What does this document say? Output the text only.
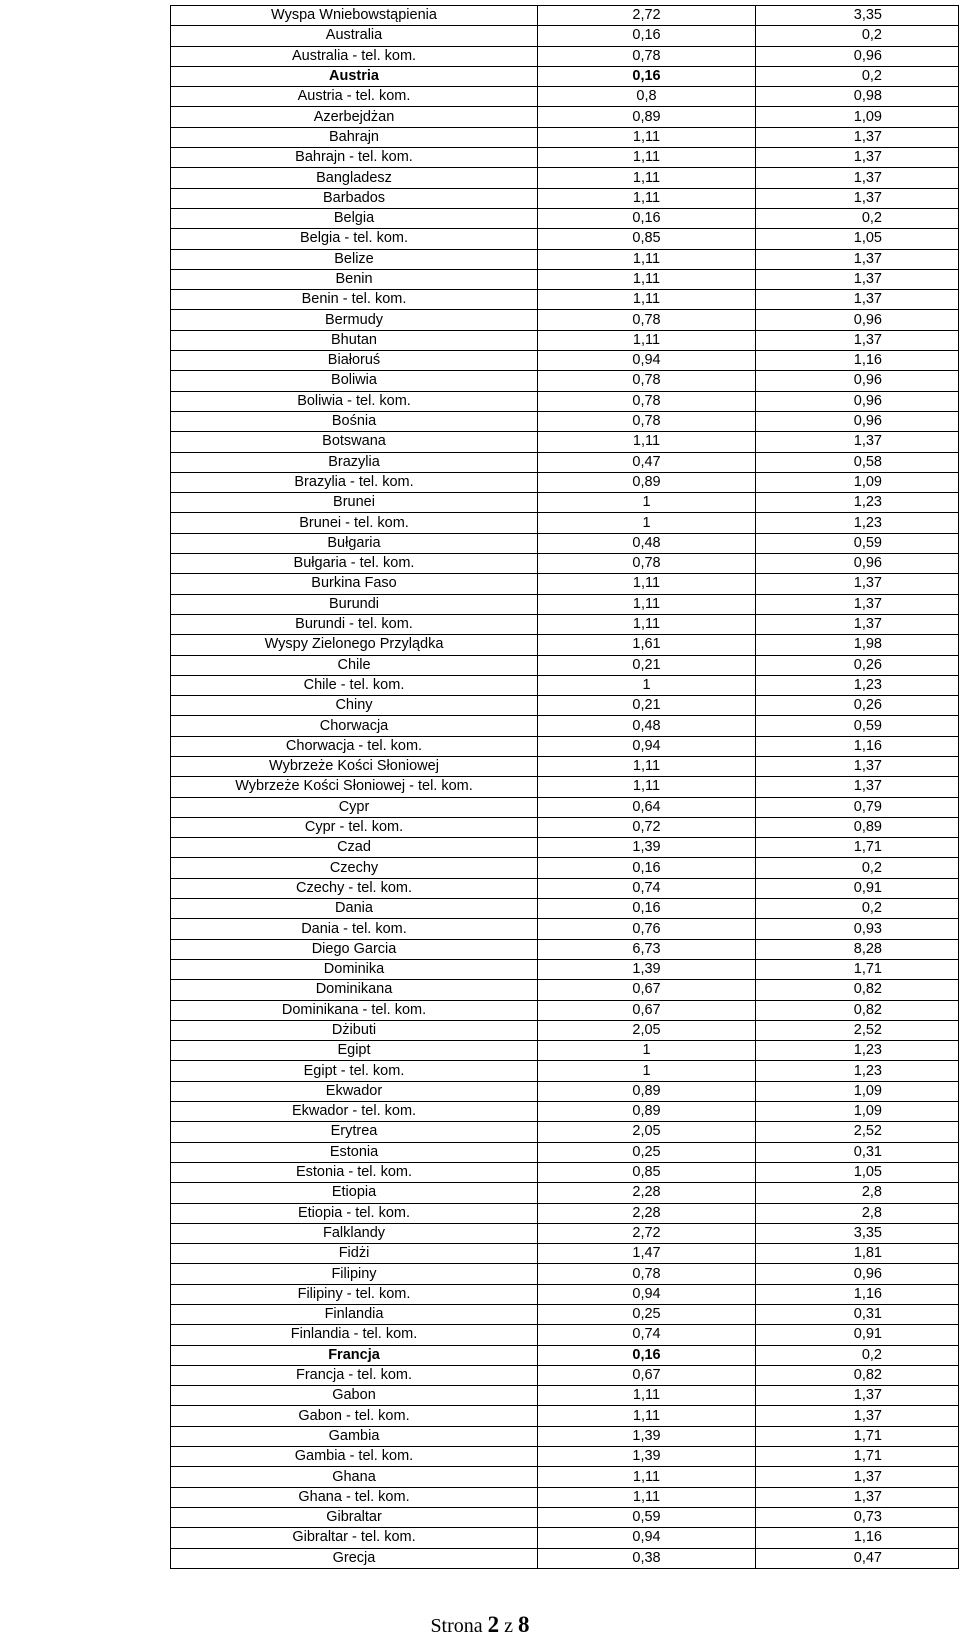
Wyspa Wniebowstąpienia	2,72	3,35
Australia	0,16	0,2
Australia - tel. kom.	0,78	0,96
Austria	0,16	0,2
Austria - tel. kom.	0,8	0,98
Azerbejdżan	0,89	1,09
Bahrajn	1,11	1,37
Bahrajn - tel. kom.	1,11	1,37
Bangladesz	1,11	1,37
Barbados	1,11	1,37
Belgia	0,16	0,2
Belgia - tel. kom.	0,85	1,05
Belize	1,11	1,37
Benin	1,11	1,37
Benin - tel. kom.	1,11	1,37
Bermudy	0,78	0,96
Bhutan	1,11	1,37
Białoruś	0,94	1,16
Boliwia	0,78	0,96
Boliwia - tel. kom.	0,78	0,96
Bośnia	0,78	0,96
Botswana	1,11	1,37
Brazylia	0,47	0,58
Brazylia - tel. kom.	0,89	1,09
Brunei	1	1,23
Brunei - tel. kom.	1	1,23
Bułgaria	0,48	0,59
Bułgaria - tel. kom.	0,78	0,96
Burkina Faso	1,11	1,37
Burundi	1,11	1,37
Burundi - tel. kom.	1,11	1,37
Wyspy Zielonego Przylądka	1,61	1,98
Chile	0,21	0,26
Chile - tel. kom.	1	1,23
Chiny	0,21	0,26
Chorwacja	0,48	0,59
Chorwacja - tel. kom.	0,94	1,16
Wybrzeże Kości Słoniowej	1,11	1,37
Wybrzeże Kości Słoniowej - tel. kom.	1,11	1,37
Cypr	0,64	0,79
Cypr - tel. kom.	0,72	0,89
Czad	1,39	1,71
Czechy	0,16	0,2
Czechy - tel. kom.	0,74	0,91
Dania	0,16	0,2
Dania - tel. kom.	0,76	0,93
Diego Garcia	6,73	8,28
Dominika	1,39	1,71
Dominikana	0,67	0,82
Dominikana - tel. kom.	0,67	0,82
Dżibuti	2,05	2,52
Egipt	1	1,23
Egipt - tel. kom.	1	1,23
Ekwador	0,89	1,09
Ekwador - tel. kom.	0,89	1,09
Erytrea	2,05	2,52
Estonia	0,25	0,31
Estonia - tel. kom.	0,85	1,05
Etiopia	2,28	2,8
Etiopia - tel. kom.	2,28	2,8
Falklandy	2,72	3,35
Fidżi	1,47	1,81
Filipiny	0,78	0,96
Filipiny - tel. kom.	0,94	1,16
Finlandia	0,25	0,31
Finlandia - tel. kom.	0,74	0,91
Francja	0,16	0,2
Francja - tel. kom.	0,67	0,82
Gabon	1,11	1,37
Gabon - tel. kom.	1,11	1,37
Gambia	1,39	1,71
Gambia - tel. kom.	1,39	1,71
Ghana	1,11	1,37
Ghana - tel. kom.	1,11	1,37
Gibraltar	0,59	0,73
Gibraltar - tel. kom.	0,94	1,16
Grecja	0,38	0,47
Strona 2 z 8
